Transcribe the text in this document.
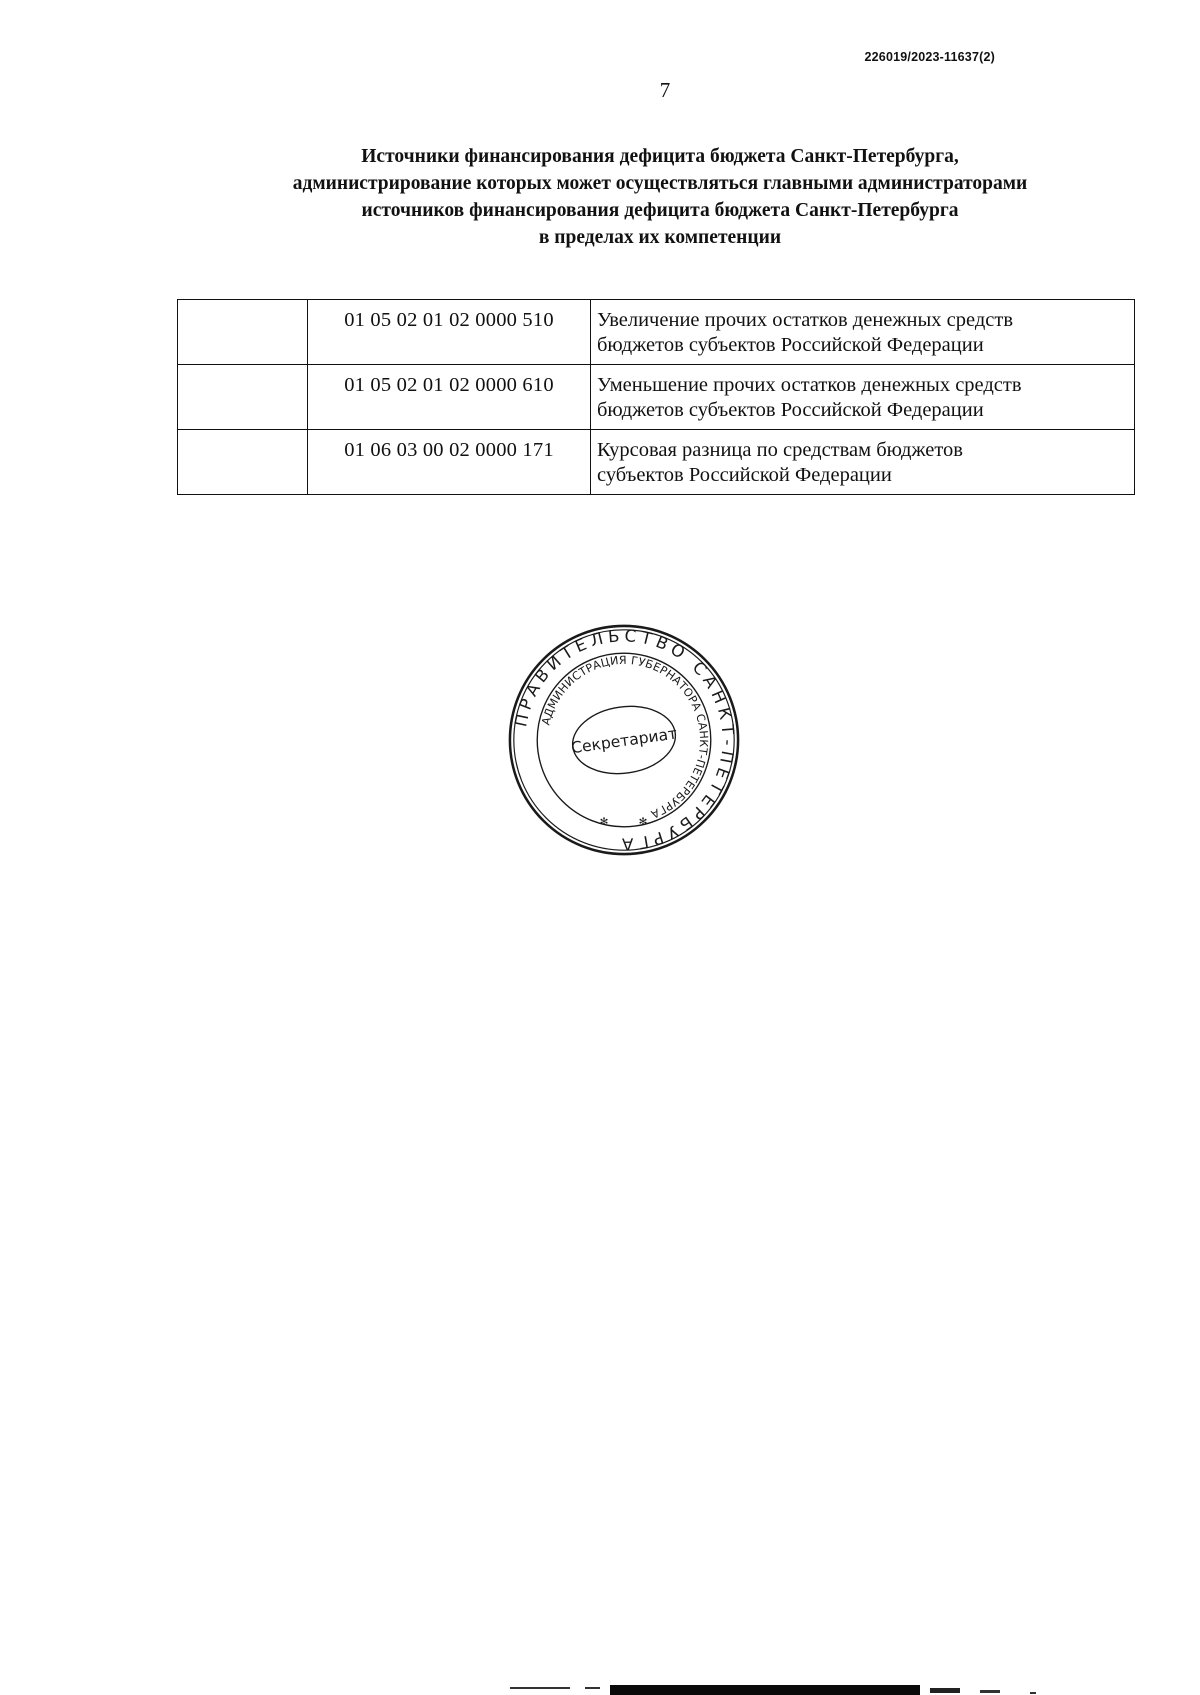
226019/2023-11637(2)
7
Источники финансирования дефицита бюджета Санкт-Петербурга,
администрирование которых может осуществляться главными администраторами
источников финансирования дефицита бюджета Санкт-Петербурга
в пределах их компетенции
	01 05 02 01 02 0000 510	Увеличение прочих остатков денежных средств
бюджетов субъектов Российской Федерации

	01 05 02 01 02 0000 610	Уменьшение прочих остатков денежных средств
бюджетов субъектов Российской Федерации

	01 06 03 00 02 0000 171	Курсовая разница по средствам бюджетов
субъектов Российской Федерации
ПРАВИТЕЛЬСТВО САНКТ-ПЕТЕРБУРГА
АДМИНИСТРАЦИЯ ГУБЕРНАТОРА САНКТ-ПЕТЕРБУРГА
Секретариат
✻	✻
